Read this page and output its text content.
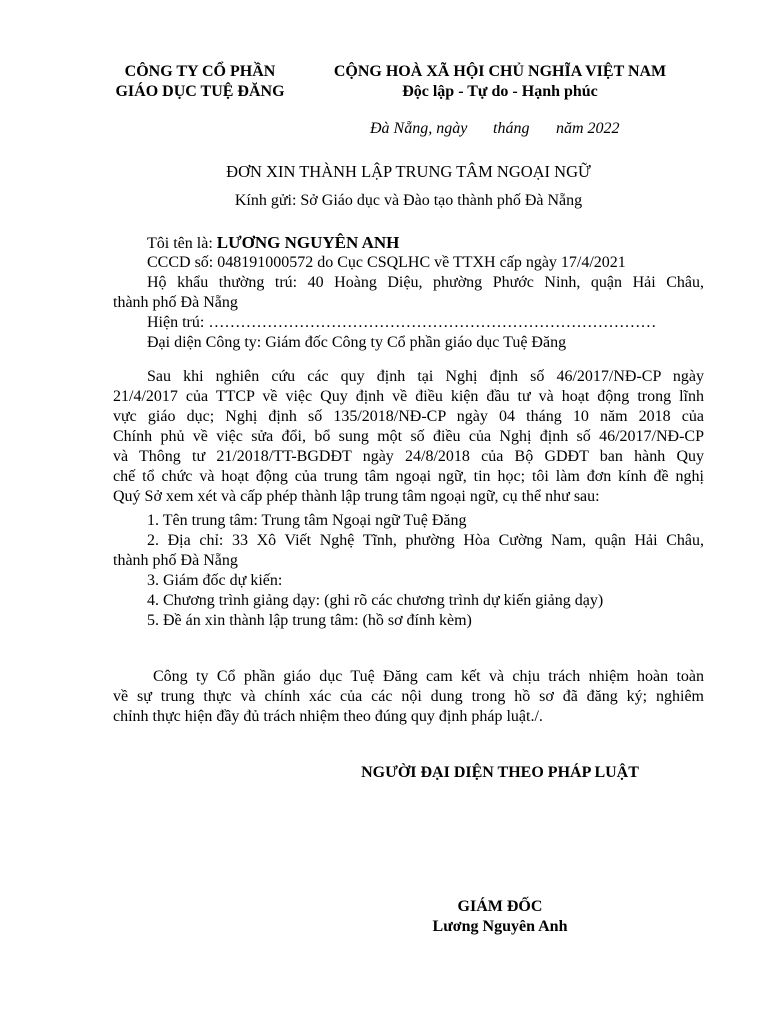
CÔNG TY CỔ PHẦN
GIÁO DỤC TUỆ ĐĂNG
CỘNG HOÀ XÃ HỘI CHỦ NGHĨA VIỆT NAM
Độc lập - Tự do - Hạnh phúc
Đà Nẵng, ngày tháng năm 2022
ĐƠN XIN THÀNH LẬP TRUNG TÂM NGOẠI NGỮ
Kính gửi: Sở Giáo dục và Đào tạo thành phố Đà Nẵng
Tôi tên là: LƯƠNG NGUYÊN ANH
CCCD số: 048191000572 do Cục CSQLHC về TTXH cấp ngày 17/4/2021
Hộ khẩu thường trú: 40 Hoàng Diệu, phường Phước Ninh, quận Hải Châu,
thành phố Đà Nẵng
Hiện trú: …………………………………………………………………………
Đại diện Công ty: Giám đốc Công ty Cổ phần giáo dục Tuệ Đăng
Sau khi nghiên cứu các quy định tại Nghị định số 46/2017/NĐ-CP ngày
21/4/2017 của TTCP về việc Quy định về điều kiện đầu tư và hoạt động trong lĩnh
vực giáo dục; Nghị định số 135/2018/NĐ-CP ngày 04 tháng 10 năm 2018 của
Chính phủ về việc sửa đổi, bổ sung một số điều của Nghị định số 46/2017/NĐ-CP
và Thông tư 21/2018/TT-BGDĐT ngày 24/8/2018 của Bộ GDĐT ban hành Quy
chế tổ chức và hoạt động của trung tâm ngoại ngữ, tin học; tôi làm đơn kính đề nghị
Quý Sở xem xét và cấp phép thành lập trung tâm ngoại ngữ, cụ thể như sau:
1. Tên trung tâm: Trung tâm Ngoại ngữ Tuệ Đăng
2. Địa chỉ: 33 Xô Viết Nghệ Tĩnh, phường Hòa Cường Nam, quận Hải Châu,
thành phố Đà Nẵng
3. Giám đốc dự kiến:
4. Chương trình giảng dạy: (ghi rõ các chương trình dự kiến giảng dạy)
5. Đề án xin thành lập trung tâm: (hồ sơ đính kèm)
Công ty Cổ phần giáo dục Tuệ Đăng cam kết và chịu trách nhiệm hoàn toàn
về sự trung thực và chính xác của các nội dung trong hồ sơ đã đăng ký; nghiêm
chỉnh thực hiện đầy đủ trách nhiệm theo đúng quy định pháp luật./.
NGƯỜI ĐẠI DIỆN THEO PHÁP LUẬT
GIÁM ĐỐC
Lương Nguyên Anh
